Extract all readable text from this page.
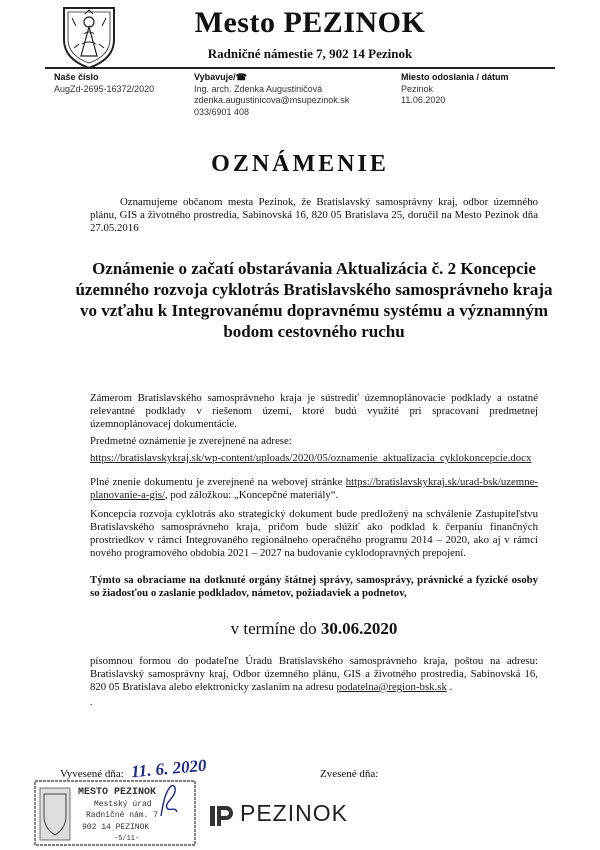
Mesto PEZINOK
Radničné námestie 7, 902 14 Pezinok
Naše číslo
AugZd-2695-16372/2020
Vybavuje/☎
Ing. arch. Zdenka Augustiničová
zdenka.augustinicova@msupezinok.sk
033/6901 408
Miesto odoslania / dátum
Pezinok
11.06.2020
OZNÁMENIE
Oznamujeme občanom mesta Pezinok, že Bratislavský samosprávny kraj, odbor územného plánu, GIS a životného prostredia, Sabinovská 16, 820 05 Bratislava 25, doručil na Mesto Pezinok dňa 27.05.2016
Oznámenie o začatí obstarávania Aktualizácia č. 2 Koncepcie územného rozvoja cyklotrás Bratislavského samosprávneho kraja vo vzťahu k Integrovanému dopravnému systému a významným bodom cestovného ruchu
Zámerom Bratislavského samosprávneho kraja je sústrediť územnoplánovacie podklady a ostatné relevantné podklady v riešenom území, ktoré budú využité pri spracovaní predmetnej územnoplánovacej dokumentácie.
Predmetné oznámenie je zverejnené na adrese:
https://bratislavskykraj.sk/wp-content/uploads/2020/05/oznamenie_aktualizacia_cyklokoncepcie.docx
Plné znenie dokumentu je zverejnené na webovej stránke https://bratislavskykraj.sk/urad-bsk/uzemne-planovanie-a-gis/, pod záložkou: „Koncepčné materiály“.
Koncepcia rozvoja cyklotrás ako strategický dokument bude predložený na schválenie Zastupiteľstvu Bratislavského samosprávneho kraja, pričom bude slúžiť ako podklad k čerpaniu finančných prostriedkov v rámci Integrovaného regionálneho operačného programu 2014 – 2020, ako aj v rámci nového programového obdobia 2021 – 2027 na budovanie cyklodopravných prepojení.
Týmto sa obraciame na dotknuté orgány štátnej správy, samosprávy, právnické a fyzické osoby so žiadosťou o zaslanie podkladov, námetov, požiadaviek a podnetov,
v termíne do 30.06.2020
písomnou formou do podateľne Úradu Bratislavského samosprávneho kraja, poštou na adresu: Bratislavský samosprávny kraj, Odbor územného plánu, GIS a životného prostredia, Sabinovská 16, 820 05 Bratislava alebo elektronicky zaslaním na adresu podatelna@region-bsk.sk .
.
Vyvesené dňa: 11. 6. 2020	Zvesené dňa:
MESTO PEZINOK
Mestský úrad
Radničné nám. 7
902 14 PEZINOK
-5/11-
PEZINOK
